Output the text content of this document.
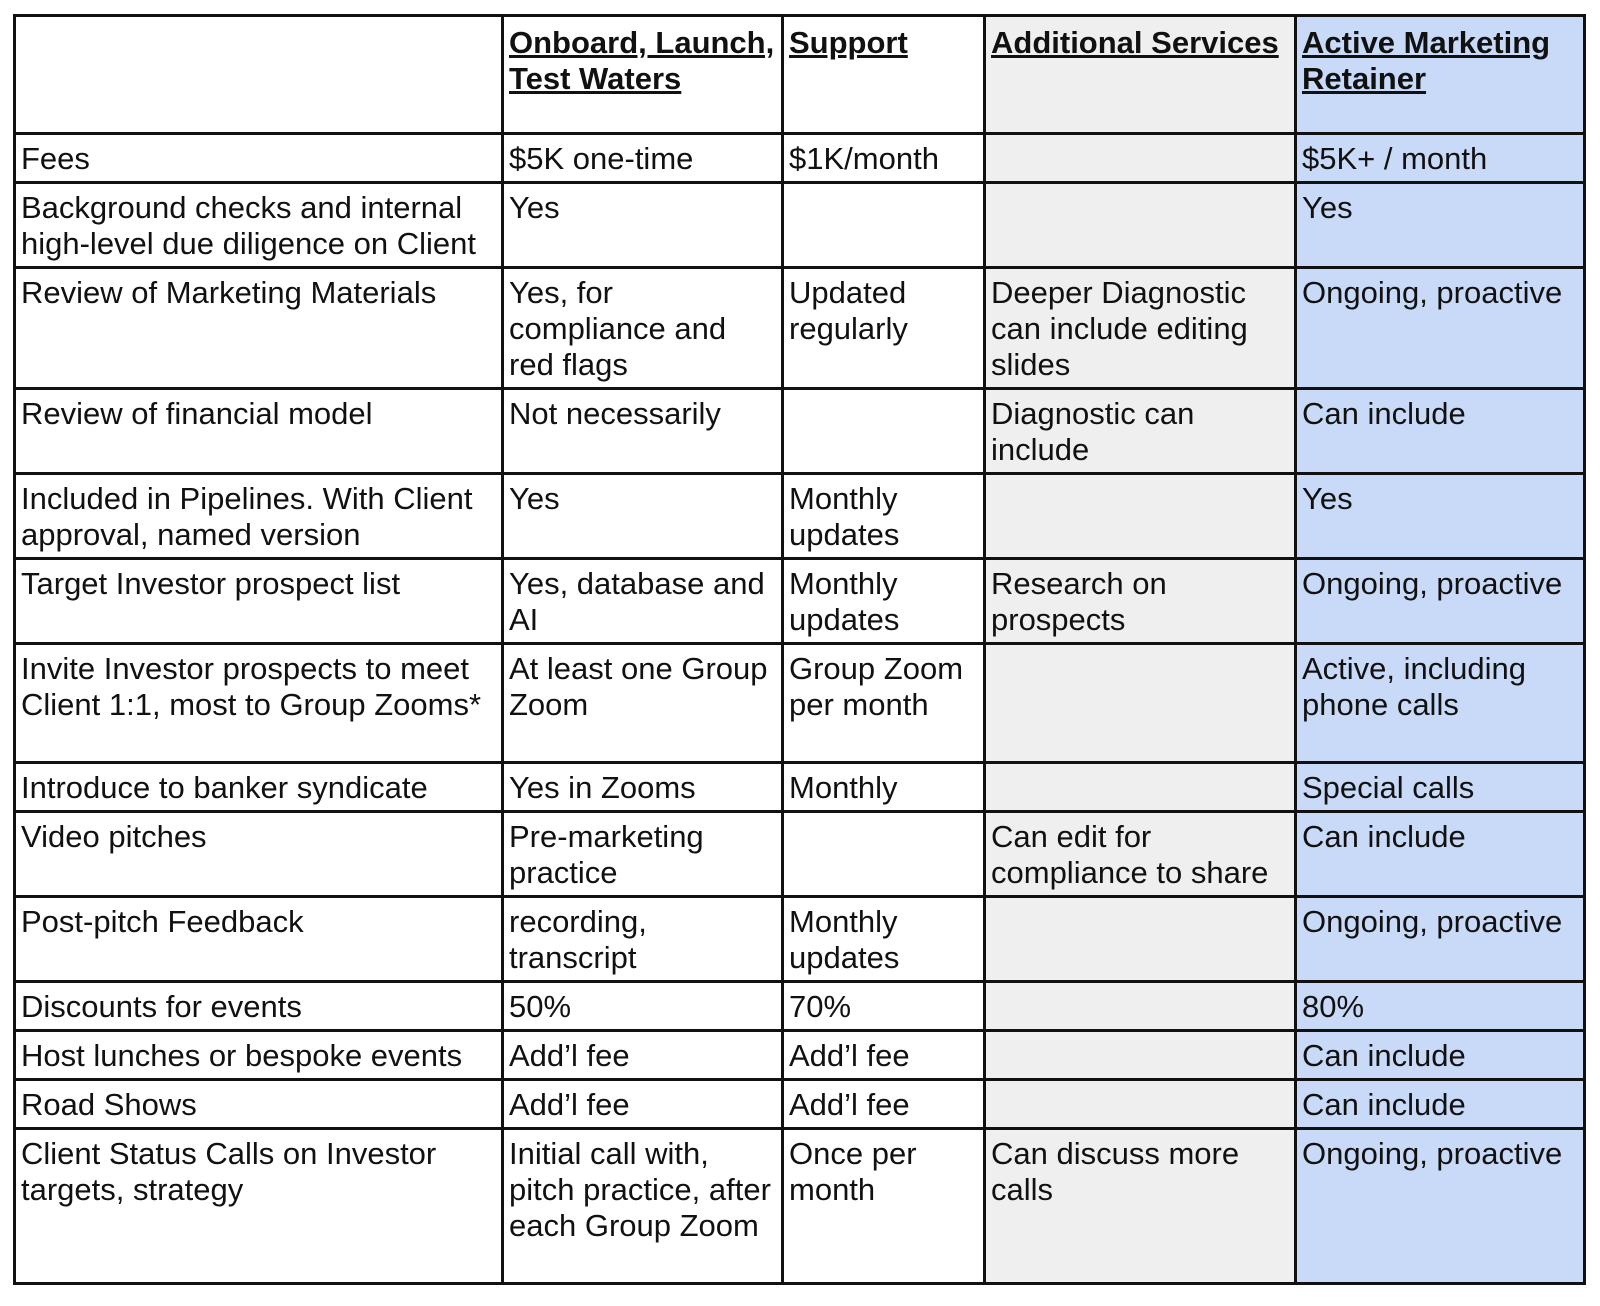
	Onboard, Launch, Test Waters	Support	Additional Services	Active Marketing Retainer
Fees	$5K one-time	$1K/month		$5K+ / month
Background checks and internal high-level due diligence on Client	Yes			Yes
Review of Marketing Materials	Yes, for compliance and red flags	Updated regularly	Deeper Diagnostic can include editing slides	Ongoing, proactive
Review of financial model	Not necessarily		Diagnostic can include	Can include
Included in Pipelines. With Client approval, named version	Yes	Monthly updates		Yes
Target Investor prospect list	Yes, database and AI	Monthly updates	Research on prospects	Ongoing, proactive
Invite Investor prospects to meet Client 1:1, most to Group Zooms*	At least one Group Zoom	Group Zoom per month		Active, including phone calls
Introduce to banker syndicate	Yes in Zooms	Monthly		Special calls
Video pitches	Pre-marketing practice		Can edit for compliance to share	Can include
Post-pitch Feedback	recording, transcript	Monthly updates		Ongoing, proactive
Discounts for events	50%	70%		80%
Host lunches or bespoke events	Add’l fee	Add’l fee		Can include
Road Shows	Add’l fee	Add’l fee		Can include
Client Status Calls on Investor targets, strategy	Initial call with, pitch practice, after each Group Zoom	Once per month	Can discuss more calls	Ongoing, proactive
